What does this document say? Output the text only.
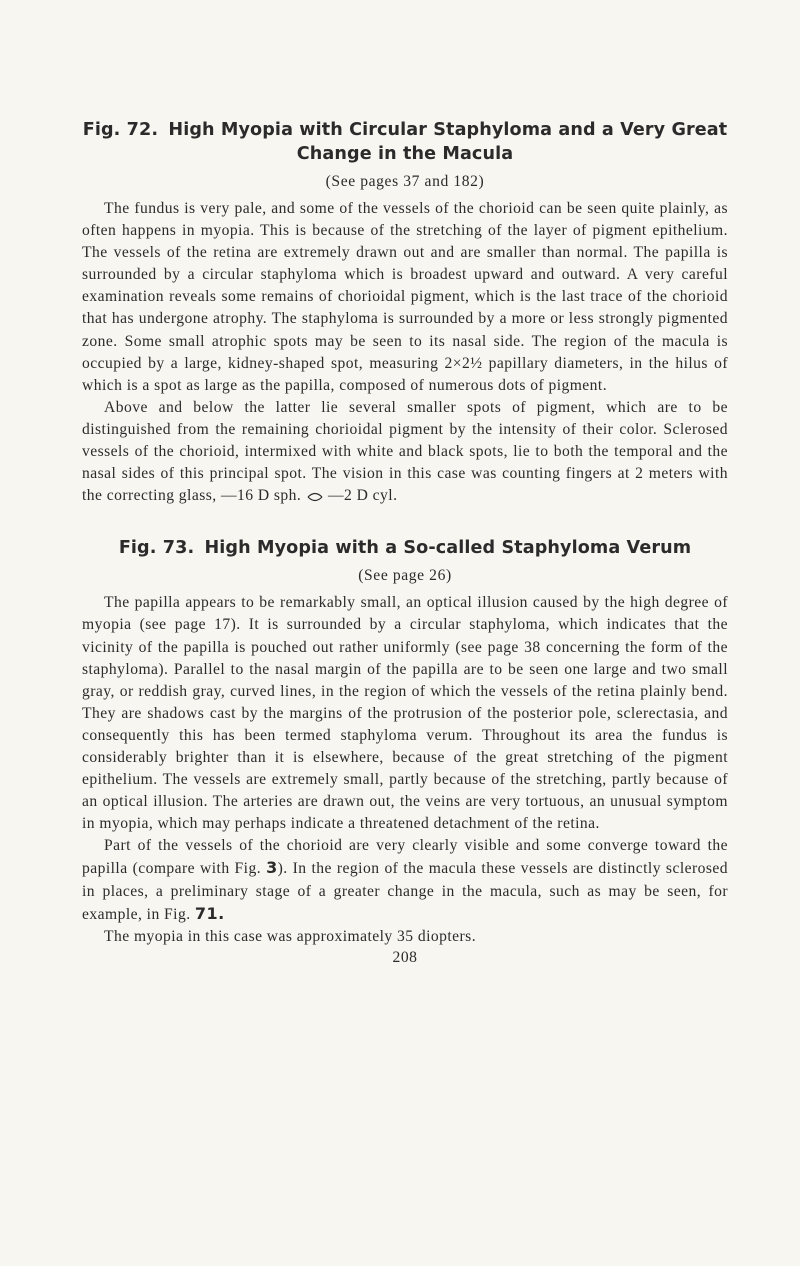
Fig. 72. High Myopia with Circular Staphyloma and a Very Great Change in the Macula
(See pages 37 and 182)

The fundus is very pale, and some of the vessels of the chorioid can be seen quite plainly, as often happens in myopia. This is because of the stretching of the layer of pigment epithelium. The vessels of the retina are extremely drawn out and are smaller than normal. The papilla is surrounded by a circular staphyloma which is broadest upward and outward. A very careful examination reveals some remains of chorioidal pigment, which is the last trace of the chorioid that has undergone atrophy. The staphyloma is surrounded by a more or less strongly pigmented zone. Some small atrophic spots may be seen to its nasal side. The region of the macula is occupied by a large, kidney-shaped spot, measuring 2×2½ papillary diameters, in the hilus of which is a spot as large as the papilla, composed of numerous dots of pigment.

Above and below the latter lie several smaller spots of pigment, which are to be distinguished from the remaining chorioidal pigment by the intensity of their color. Sclerosed vessels of the chorioid, intermixed with white and black spots, lie to both the temporal and the nasal sides of this principal spot. The vision in this case was counting fingers at 2 meters with the correcting glass, —16 D sph. —2 D cyl.

Fig. 73. High Myopia with a So-called Staphyloma Verum
(See page 26)

The papilla appears to be remarkably small, an optical illusion caused by the high degree of myopia (see page 17). It is surrounded by a circular staphyloma, which indicates that the vicinity of the papilla is pouched out rather uniformly (see page 38 concerning the form of the staphyloma). Parallel to the nasal margin of the papilla are to be seen one large and two small gray, or reddish gray, curved lines, in the region of which the vessels of the retina plainly bend. They are shadows cast by the margins of the protrusion of the posterior pole, sclerectasia, and consequently this has been termed staphyloma verum. Throughout its area the fundus is considerably brighter than it is elsewhere, because of the great stretching of the pigment epithelium. The vessels are extremely small, partly because of the stretching, partly because of an optical illusion. The arteries are drawn out, the veins are very tortuous, an unusual symptom in myopia, which may perhaps indicate a threatened detachment of the retina.

Part of the vessels of the chorioid are very clearly visible and some converge toward the papilla (compare with Fig. 3). In the region of the macula these vessels are distinctly sclerosed in places, a preliminary stage of a greater change in the macula, such as may be seen, for example, in Fig. 71.

The myopia in this case was approximately 35 diopters.

208
